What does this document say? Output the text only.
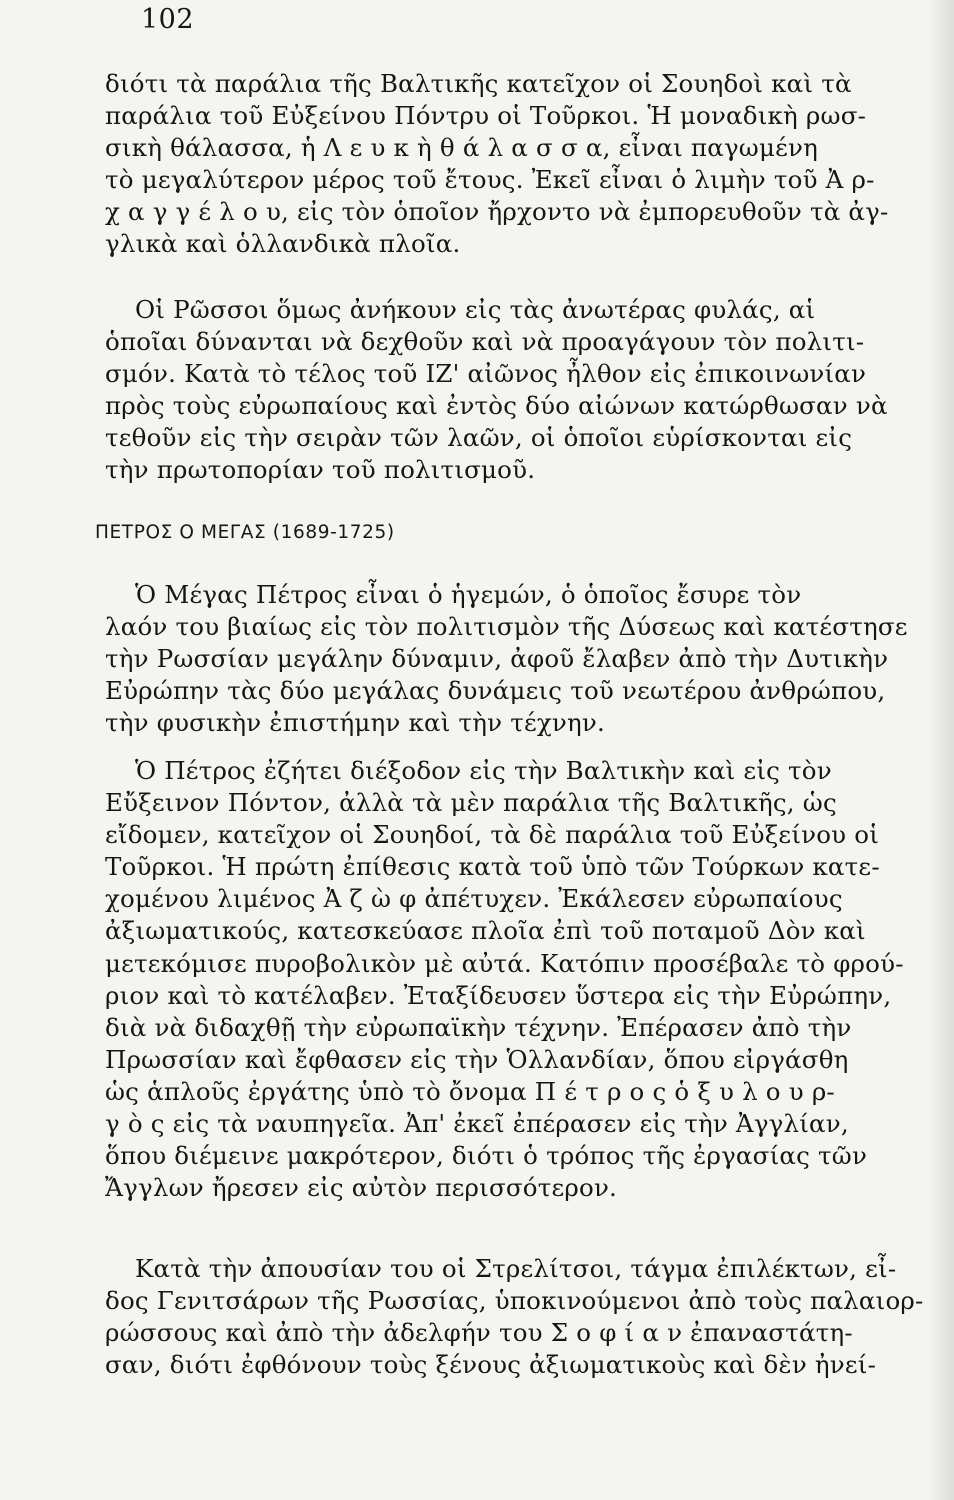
102
διότι τὰ παράλια τῆς Βαλτικῆς κατεῖχον οἱ Σουηδοὶ καὶ τὰ
παράλια τοῦ Εὐξείνου Πόντρυ οἱ Τοῦρκοι. Ἡ μοναδικὴ ρωσ-
σικὴ θάλασσα, ἡ Λ ε υ κ ὴ θ ά λ α σ σ α, εἶναι παγωμένη
τὸ μεγαλύτερον μέρος τοῦ ἔτους. Ἐκεῖ εἶναι ὁ λιμὴν τοῦ Ἀ ρ-
χ α γ γ έ λ ο υ, εἰς τὸν ὁποῖον ἤρχοντο νὰ ἐμπορευθοῦν τὰ ἀγ-
γλικὰ καὶ ὁλλανδικὰ πλοῖα.
Οἱ Ρῶσσοι ὅμως ἀνήκουν εἰς τὰς ἀνωτέρας φυλάς, αἱ
ὁποῖαι δύνανται νὰ δεχθοῦν καὶ νὰ προαγάγουν τὸν πολιτι-
σμόν. Κατὰ τὸ τέλος τοῦ ΙΖ' αἰῶνος ἦλθον εἰς ἐπικοινωνίαν
πρὸς τοὺς εὐρωπαίους καὶ ἐντὸς δύο αἰώνων κατώρθωσαν νὰ
τεθοῦν εἰς τὴν σειρὰν τῶν λαῶν, οἱ ὁποῖοι εὑρίσκονται εἰς
τὴν πρωτοπορίαν τοῦ πολιτισμοῦ.
ΠΕΤΡΟΣ Ο ΜΕΓΑΣ (1689-1725)
Ὁ Μέγας Πέτρος εἶναι ὁ ἡγεμών, ὁ ὁποῖος ἔσυρε τὸν
λαόν του βιαίως εἰς τὸν πολιτισμὸν τῆς Δύσεως καὶ κατέστησε
τὴν Ρωσσίαν μεγάλην δύναμιν, ἀφοῦ ἔλαβεν ἀπὸ τὴν Δυτικὴν
Εὐρώπην τὰς δύο μεγάλας δυνάμεις τοῦ νεωτέρου ἀνθρώπου,
τὴν φυσικὴν ἐπιστήμην καὶ τὴν τέχνην.
Ὁ Πέτρος ἐζήτει διέξοδον εἰς τὴν Βαλτικὴν καὶ εἰς τὸν
Εὔξεινον Πόντον, ἀλλὰ τὰ μὲν παράλια τῆς Βαλτικῆς, ὡς
εἴδομεν, κατεῖχον οἱ Σουηδοί, τὰ δὲ παράλια τοῦ Εὐξείνου οἱ
Τοῦρκοι. Ἡ πρώτη ἐπίθεσις κατὰ τοῦ ὑπὸ τῶν Τούρκων κατε-
χομένου λιμένος Ἀ ζ ὼ φ ἀπέτυχεν. Ἐκάλεσεν εὐρωπαίους
ἀξιωματικούς, κατεσκεύασε πλοῖα ἐπὶ τοῦ ποταμοῦ Δὸν καὶ
μετεκόμισε πυροβολικὸν μὲ αὐτά. Κατόπιν προσέβαλε τὸ φρού-
ριον καὶ τὸ κατέλαβεν. Ἐταξίδευσεν ὕστερα εἰς τὴν Εὐρώπην,
διὰ νὰ διδαχθῇ τὴν εὐρωπαϊκὴν τέχνην. Ἐπέρασεν ἀπὸ τὴν
Πρωσσίαν καὶ ἔφθασεν εἰς τὴν Ὁλλανδίαν, ὅπου εἰργάσθη
ὡς ἁπλοῦς ἐργάτης ὑπὸ τὸ ὄνομα Π έ τ ρ ο ς ὁ ξ υ λ ο υ ρ-
γ ὸ ς εἰς τὰ ναυπηγεῖα. Ἀπ' ἐκεῖ ἐπέρασεν εἰς τὴν Ἀγγλίαν,
ὅπου διέμεινε μακρότερον, διότι ὁ τρόπος τῆς ἐργασίας τῶν
Ἄγγλων ἤρεσεν εἰς αὐτὸν περισσότερον.
Κατὰ τὴν ἀπουσίαν του οἱ Στρελίτσοι, τάγμα ἐπιλέκτων, εἶ-
δος Γενιτσάρων τῆς Ρωσσίας, ὑποκινούμενοι ἀπὸ τοὺς παλαιορ-
ρώσσους καὶ ἀπὸ τὴν ἀδελφήν του Σ ο φ ί α ν ἐπαναστάτη-
σαν, διότι ἐφθόνουν τοὺς ξένους ἀξιωματικοὺς καὶ δὲν ἠνεί-
